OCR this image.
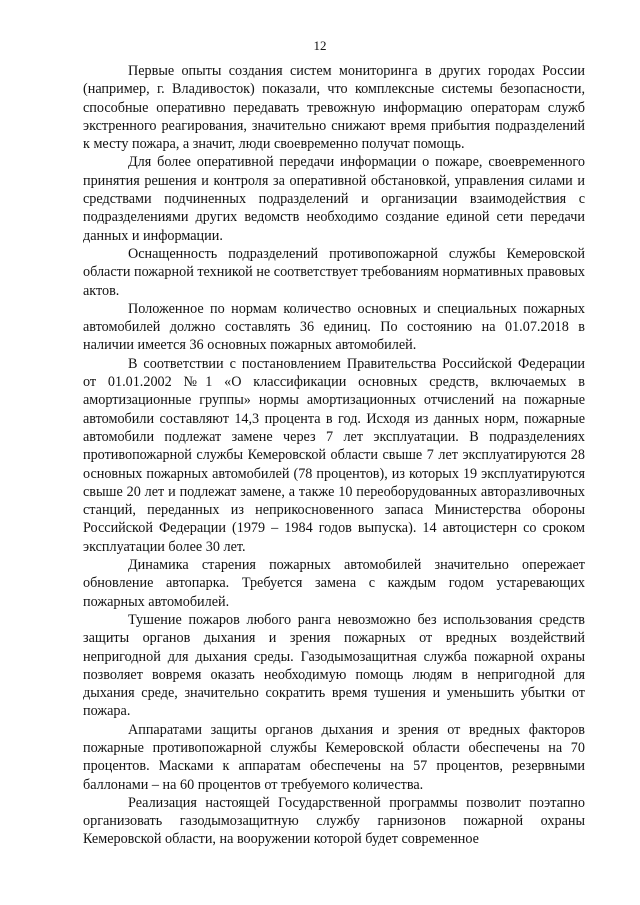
12

Первые опыты создания систем мониторинга в других городах России (например, г. Владивосток) показали, что комплексные системы безопасности, способные оперативно передавать тревожную информацию операторам служб экстренного реагирования, значительно снижают время прибытия подразделений к месту пожара, а значит, люди своевременно получат помощь.

Для более оперативной передачи информации о пожаре, своевременного принятия решения и контроля за оперативной обстановкой, управления силами и средствами подчиненных подразделений и организации взаимодействия с подразделениями других ведомств необходимо создание единой сети передачи данных и информации.

Оснащенность подразделений противопожарной службы Кемеровской области пожарной техникой не соответствует требованиям нормативных правовых актов.

Положенное по нормам количество основных и специальных пожарных автомобилей должно составлять 36 единиц. По состоянию на 01.07.2018 в наличии имеется 36 основных пожарных автомобилей.

В соответствии с постановлением Правительства Российской Федерации от 01.01.2002 №1 «О классификации основных средств, включаемых в амортизационные группы» нормы амортизационных отчислений на пожарные автомобили составляют 14,3 процента в год. Исходя из данных норм, пожарные автомобили подлежат замене через 7 лет эксплуатации. В подразделениях противопожарной службы Кемеровской области свыше 7 лет эксплуатируются 28 основных пожарных автомобилей (78 процентов), из которых 19 эксплуатируются свыше 20 лет и подлежат замене, а также 10 переоборудованных авторазливочных станций, переданных из неприкосновенного запаса Министерства обороны Российской Федерации (1979 – 1984 годов выпуска). 14 автоцистерн со сроком эксплуатации более 30 лет.

Динамика старения пожарных автомобилей значительно опережает обновление автопарка. Требуется замена с каждым годом устаревающих пожарных автомобилей.

Тушение пожаров любого ранга невозможно без использования средств защиты органов дыхания и зрения пожарных от вредных воздействий непригодной для дыхания среды. Газодымозащитная служба пожарной охраны позволяет вовремя оказать необходимую помощь людям в непригодной для дыхания среде, значительно сократить время тушения и уменьшить убытки от пожара.

Аппаратами защиты органов дыхания и зрения от вредных факторов пожарные противопожарной службы Кемеровской области обеспечены на 70 процентов. Масками к аппаратам обеспечены на 57 процентов, резервными баллонами – на 60 процентов от требуемого количества.

Реализация настоящей Государственной программы позволит поэтапно организовать газодымозащитную службу гарнизонов пожарной охраны Кемеровской области, на вооружении которой будет современное
